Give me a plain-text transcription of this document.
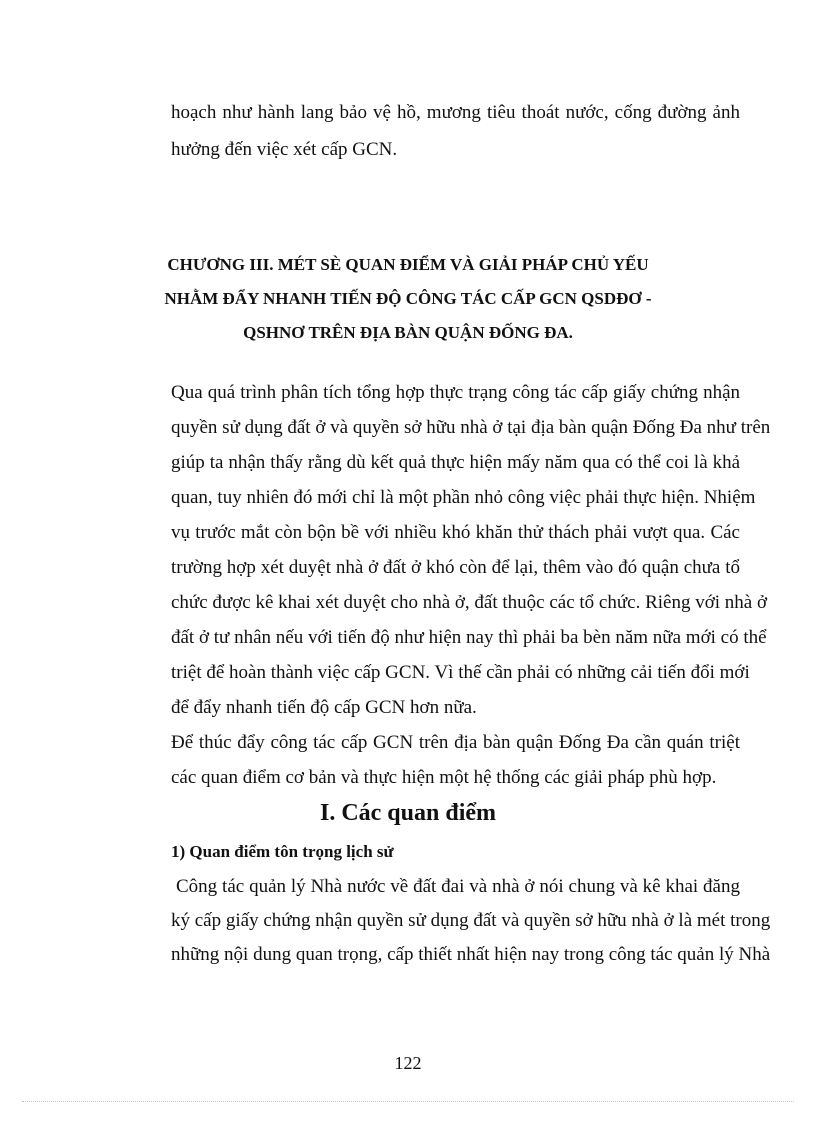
hoạch như hành lang bảo vệ hồ, mương tiêu thoát nước, cống đường ảnh
hưởng đến việc xét cấp GCN.
CHƯƠNG III. MÉT SÈ QUAN ĐIỂM VÀ GIẢI PHÁP CHỦ YẾU
NHẰM ĐẨY NHANH TIẾN ĐỘ CÔNG TÁC CẤP GCN QSDĐƠ -
QSHNƠ TRÊN ĐỊA BÀN QUẬN ĐỐNG ĐA.
Qua quá trình phân tích tổng hợp thực trạng công tác cấp giấy chứng nhận
quyền sử dụng đất ở và quyền sở hữu nhà ở tại địa bàn quận Đống Đa như trên
giúp ta nhận thấy rằng dù kết quả thực hiện mấy năm qua có thể coi là khả
quan, tuy nhiên đó mới chỉ là một phần nhỏ công việc phải thực hiện. Nhiệm
vụ trước mắt còn bộn bề với nhiều khó khăn thử thách phải vượt qua. Các
trường hợp xét duyệt nhà ở đất ở khó còn để lại, thêm vào đó quận chưa tổ
chức được kê khai xét duyệt cho nhà ở, đất thuộc các tổ chức. Riêng với nhà ở
đất ở tư nhân nếu với tiến độ như hiện nay thì phải ba bèn năm nữa mới có thể
triệt để hoàn thành việc cấp GCN. Vì thế cần phải có những cải tiến đổi mới
để đẩy nhanh tiến độ cấp GCN hơn nữa.
Để thúc đẩy công tác cấp GCN trên địa bàn quận Đống Đa cần quán triệt
các quan điểm cơ bản và thực hiện một hệ thống các giải pháp phù hợp.
I. Các quan điểm
1) Quan điểm tôn trọng lịch sử
Công tác quản lý Nhà nước về đất đai và nhà ở nói chung và kê khai đăng
ký cấp giấy chứng nhận quyền sử dụng đất và quyền sở hữu nhà ở là mét trong
những nội dung quan trọng, cấp thiết nhất hiện nay trong công tác quản lý Nhà
122
